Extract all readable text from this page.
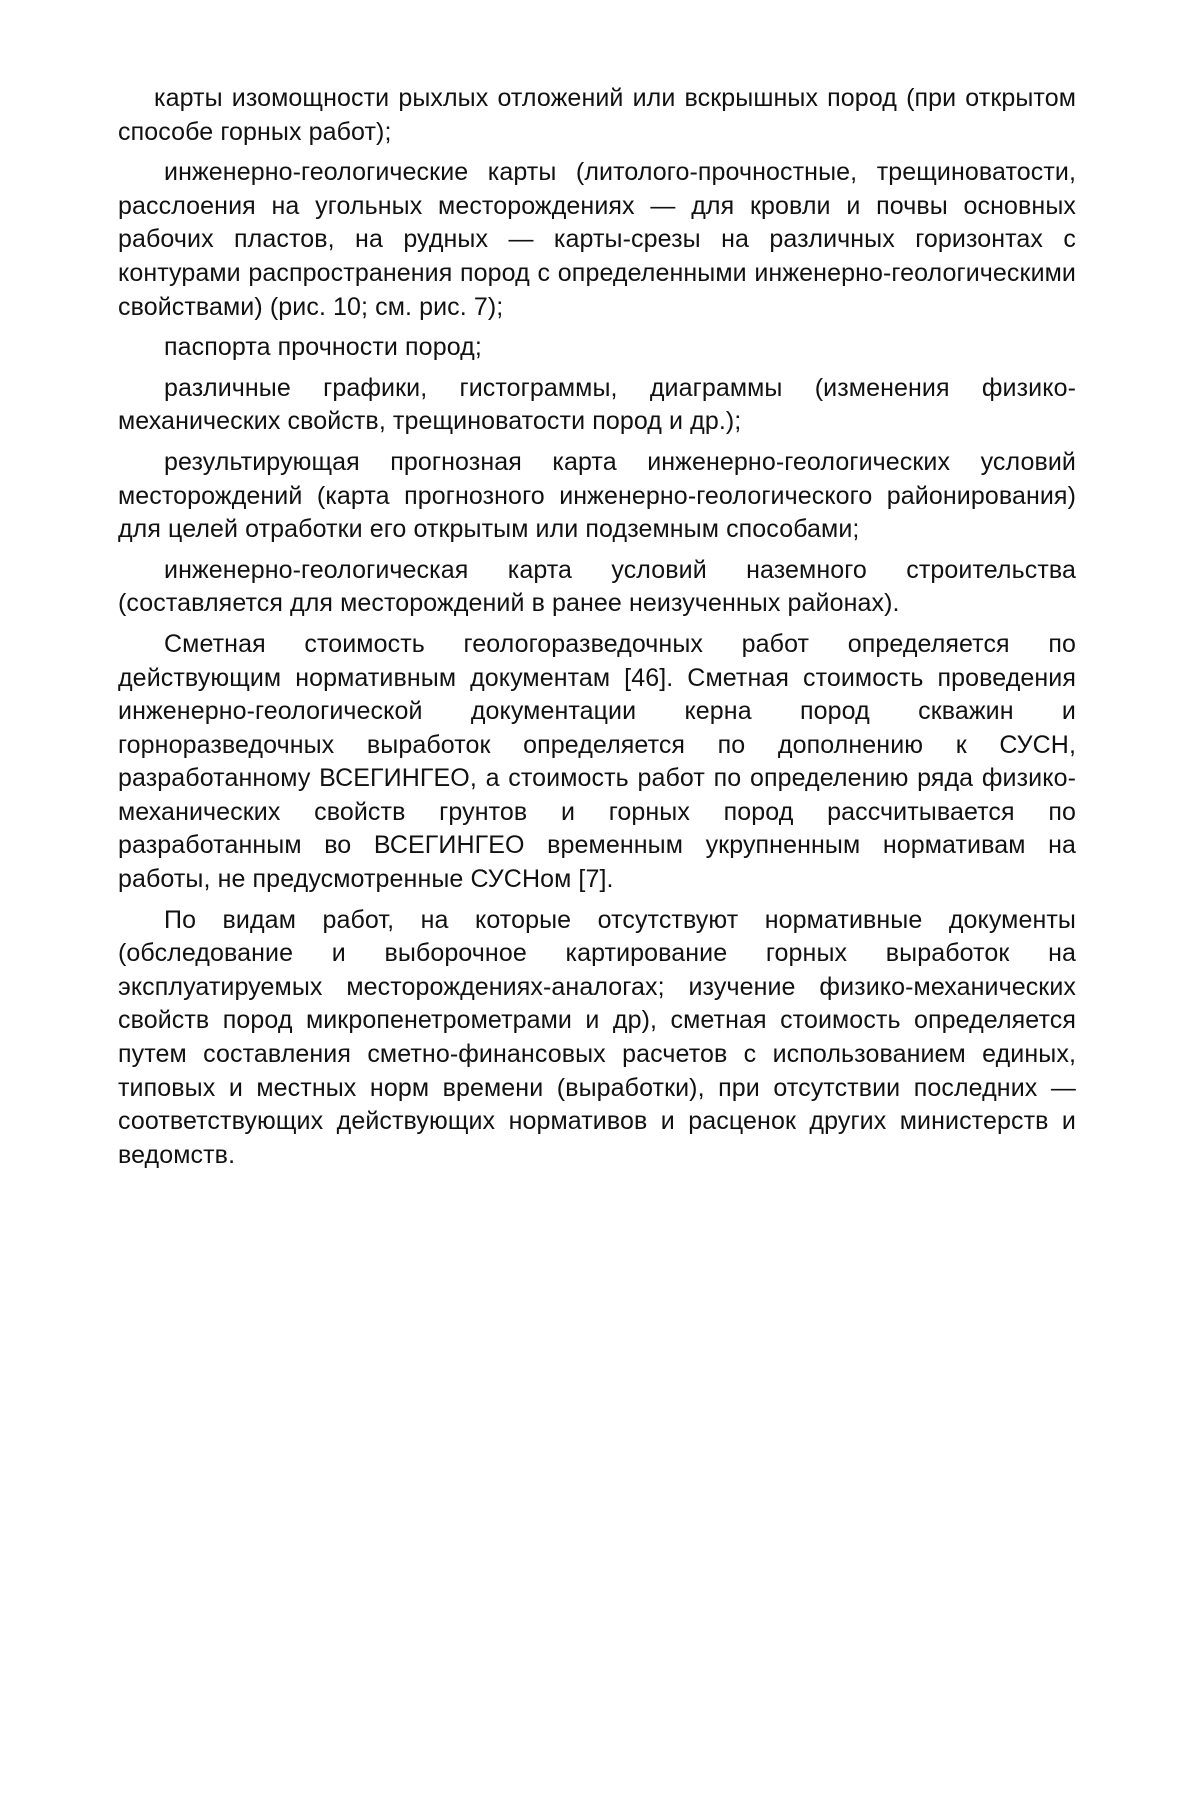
карты изомощности рыхлых отложений или вскрышных пород (при открытом способе горных работ);

инженерно-геологические карты (литолого-прочностные, трещиноватости, расслоения на угольных месторождениях — для кровли и почвы основных рабочих пластов, на рудных — карты-срезы на различных горизонтах с контурами распространения пород с определенными инженерно-геологическими свойствами) (рис. 10; см. рис. 7);

паспорта прочности пород;

различные графики, гистограммы, диаграммы (изменения физико-механических свойств, трещиноватости пород и др.);

результирующая прогнозная карта инженерно-геологических условий месторождений (карта прогнозного инженерно-геологического районирования) для целей отработки его открытым или подземным способами;

инженерно-геологическая карта условий наземного строительства (составляется для месторождений в ранее неизученных районах).

Сметная стоимость геологоразведочных работ определяется по действующим нормативным документам [46]. Сметная стоимость проведения инженерно-геологической документации керна пород скважин и горноразведочных выработок определяется по дополнению к СУСН, разработанному ВСЕГИНГЕО, а стоимость работ по определению ряда физико-механических свойств грунтов и горных пород рассчитывается по разработанным во ВСЕГИНГЕО временным укрупненным нормативам на работы, не предусмотренные СУСНом [7].

По видам работ, на которые отсутствуют нормативные документы (обследование и выборочное картирование горных выработок на эксплуатируемых месторождениях-аналогах; изучение физико-механических свойств пород микропенетрометрами и др), сметная стоимость определяется путем составления сметно-финансовых расчетов с использованием единых, типовых и местных норм времени (выработки), при отсутствии последних — соответствующих действующих нормативов и расценок других министерств и ведомств.
